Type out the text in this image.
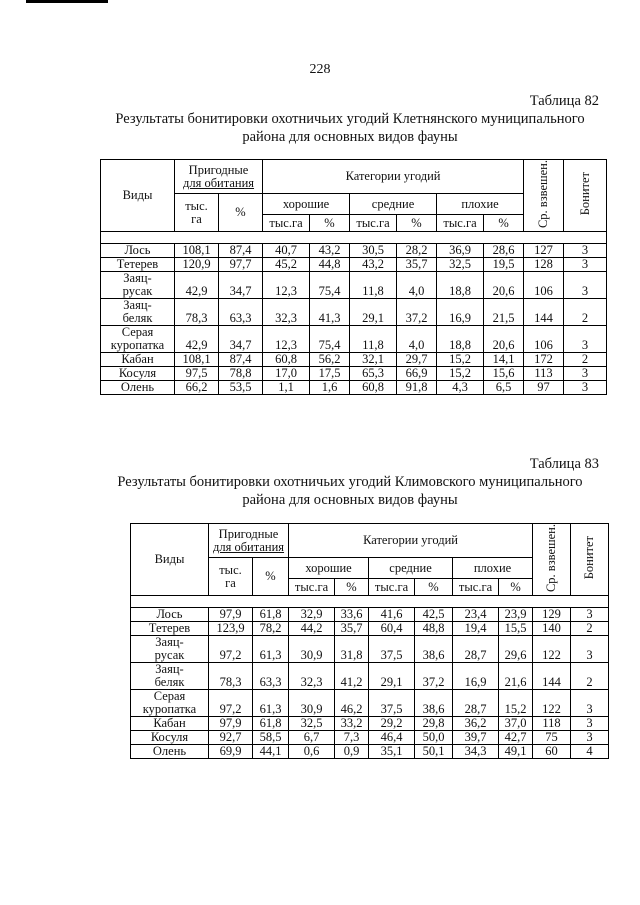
228
Таблица 82
Результаты бонитировки охотничьих угодий Клетнянского муниципального
района для основных видов фауны
Виды	Пригодные
для обитания		Категории угодий						Ср. взвешен.	Бонитет

	тыс.
га	%	хорошие		средние		плохие			
			тыс.га	%	тыс.га	%	тыс.га	%		

Лось	108,1	87,4	40,7	43,2	30,5	28,2	36,9	28,6	127	3

Тетерев	120,9	97,7	45,2	44,8	43,2	35,7	32,5	19,5	128	3

Заяц-
русак	42,9	34,7	12,3	75,4	11,8	4,0	18,8	20,6	106	3

Заяц-
беляк	78,3	63,3	32,3	41,3	29,1	37,2	16,9	21,5	144	2

Серая
куропатка	42,9	34,7	12,3	75,4	11,8	4,0	18,8	20,6	106	3

Кабан	108,1	87,4	60,8	56,2	32,1	29,7	15,2	14,1	172	2

Косуля	97,5	78,8	17,0	17,5	65,3	66,9	15,2	15,6	113	3

Олень	66,2	53,5	1,1	1,6	60,8	91,8	4,3	6,5	97	3
Таблица 83
Результаты бонитировки охотничьих угодий Климовского муниципального
района для основных видов фауны
Виды	Пригодные
для обитания		Категории угодий						Ср. взвешен.	Бонитет

	тыс.
га	%	хорошие		средние		плохие			
			тыс.га	%	тыс.га	%	тыс.га	%		

Лось	97,9	61,8	32,9	33,6	41,6	42,5	23,4	23,9	129	3

Тетерев	123,9	78,2	44,2	35,7	60,4	48,8	19,4	15,5	140	2

Заяц-
русак	97,2	61,3	30,9	31,8	37,5	38,6	28,7	29,6	122	3

Заяц-
беляк	78,3	63,3	32,3	41,2	29,1	37,2	16,9	21,6	144	2

Серая
куропатка	97,2	61,3	30,9	46,2	37,5	38,6	28,7	15,2	122	3

Кабан	97,9	61,8	32,5	33,2	29,2	29,8	36,2	37,0	118	3

Косуля	92,7	58,5	6,7	7,3	46,4	50,0	39,7	42,7	75	3

Олень	69,9	44,1	0,6	0,9	35,1	50,1	34,3	49,1	60	4
